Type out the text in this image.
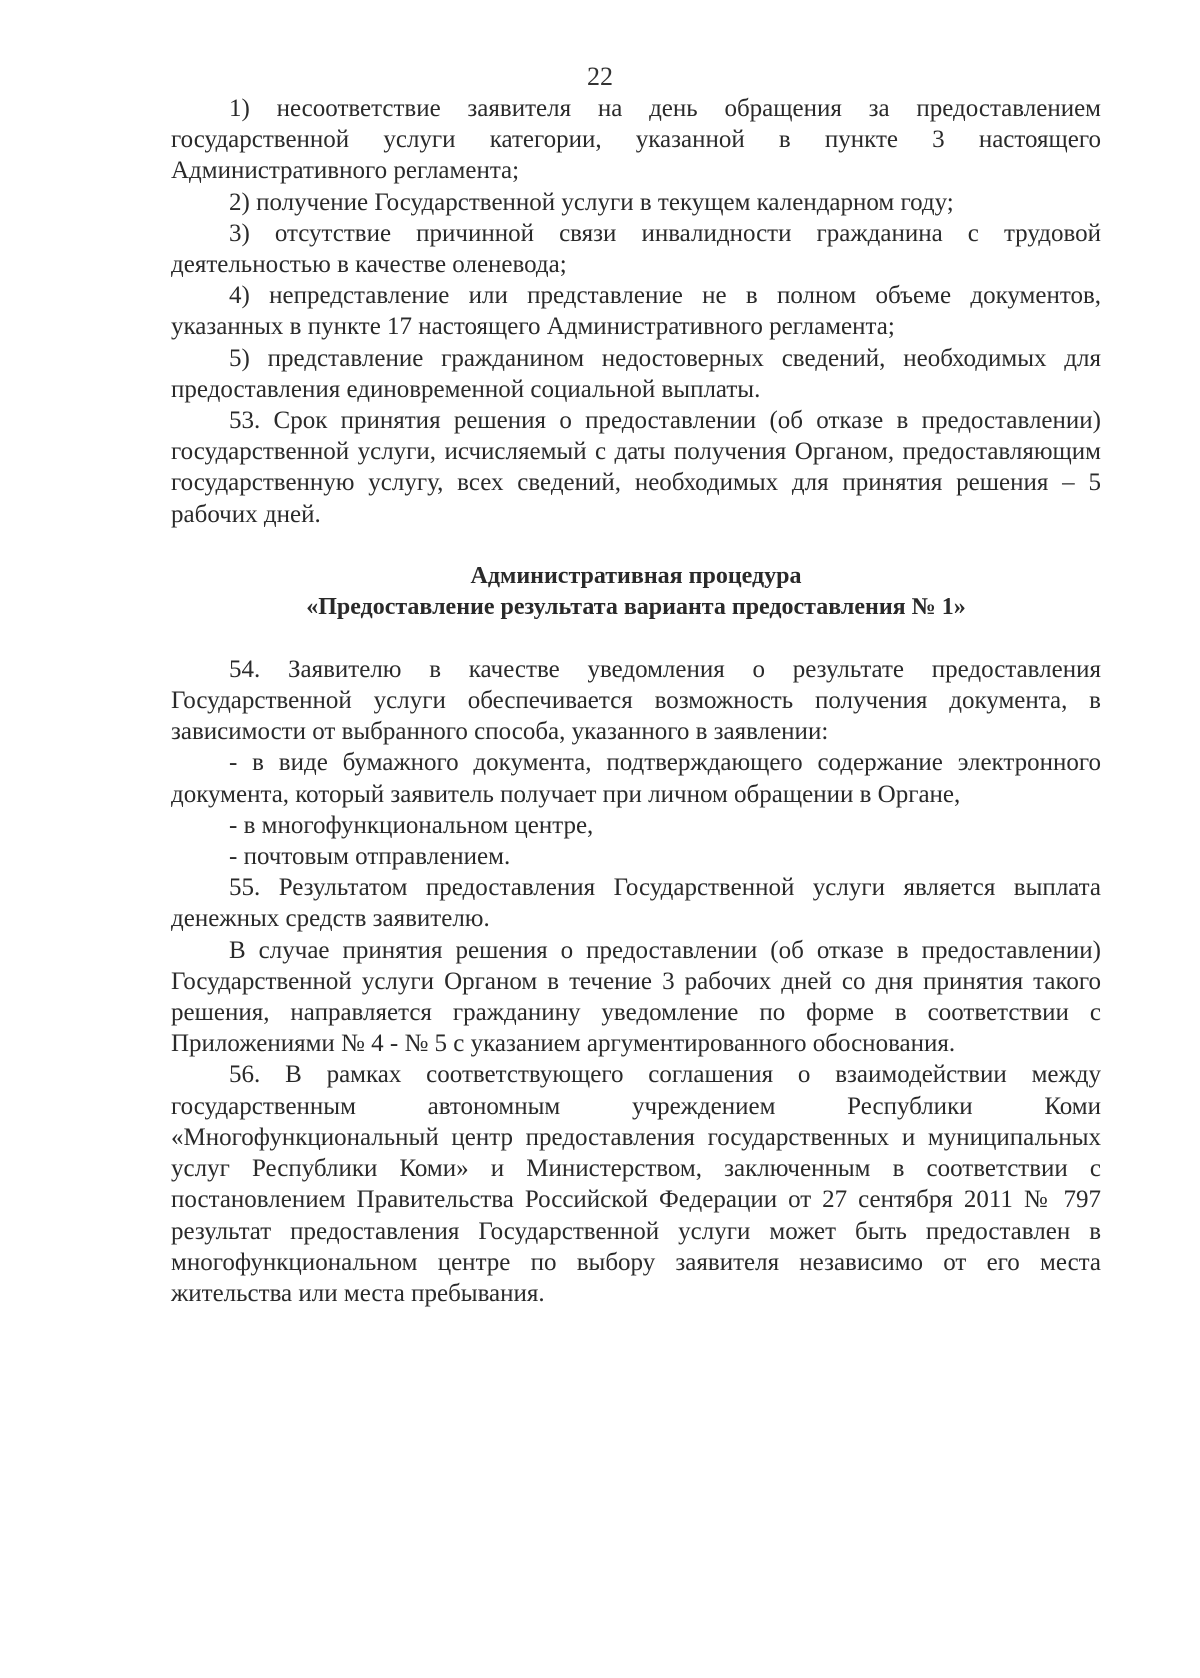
22

1) несоответствие заявителя на день обращения за предоставлением государственной услуги категории, указанной в пункте 3 настоящего Административного регламента;

2) получение Государственной услуги в текущем календарном году;

3) отсутствие причинной связи инвалидности гражданина с трудовой деятельностью в качестве оленевода;

4) непредставление или представление не в полном объеме документов, указанных в пункте 17 настоящего Административного регламента;

5) представление гражданином недостоверных сведений, необходимых для предоставления единовременной социальной выплаты.

53. Срок принятия решения о предоставлении (об отказе в предоставлении) государственной услуги, исчисляемый с даты получения Органом, предоставляющим государственную услугу, всех сведений, необходимых для принятия решения – 5 рабочих дней.

Административная процедура

«Предоставление результата варианта предоставления № 1»

54. Заявителю в качестве уведомления о результате предоставления Государственной услуги обеспечивается возможность получения документа, в зависимости от выбранного способа, указанного в заявлении:

- в виде бумажного документа, подтверждающего содержание электронного документа, который заявитель получает при личном обращении в Органе,

- в многофункциональном центре,

- почтовым отправлением.

55. Результатом предоставления Государственной услуги является выплата денежных средств заявителю.

В случае принятия решения о предоставлении (об отказе в предоставлении) Государственной услуги Органом в течение 3 рабочих дней со дня принятия такого решения, направляется гражданину уведомление по форме в соответствии с Приложениями № 4 - № 5 с указанием аргументированного обоснования.

56. В рамках соответствующего соглашения о взаимодействии между государственным автономным учреждением Республики Коми «Многофункциональный центр предоставления государственных и муниципальных услуг Республики Коми» и Министерством, заключенным в соответствии с постановлением Правительства Российской Федерации от 27 сентября 2011 № 797 результат предоставления Государственной услуги может быть предоставлен в многофункциональном центре по выбору заявителя независимо от его места жительства или места пребывания.
